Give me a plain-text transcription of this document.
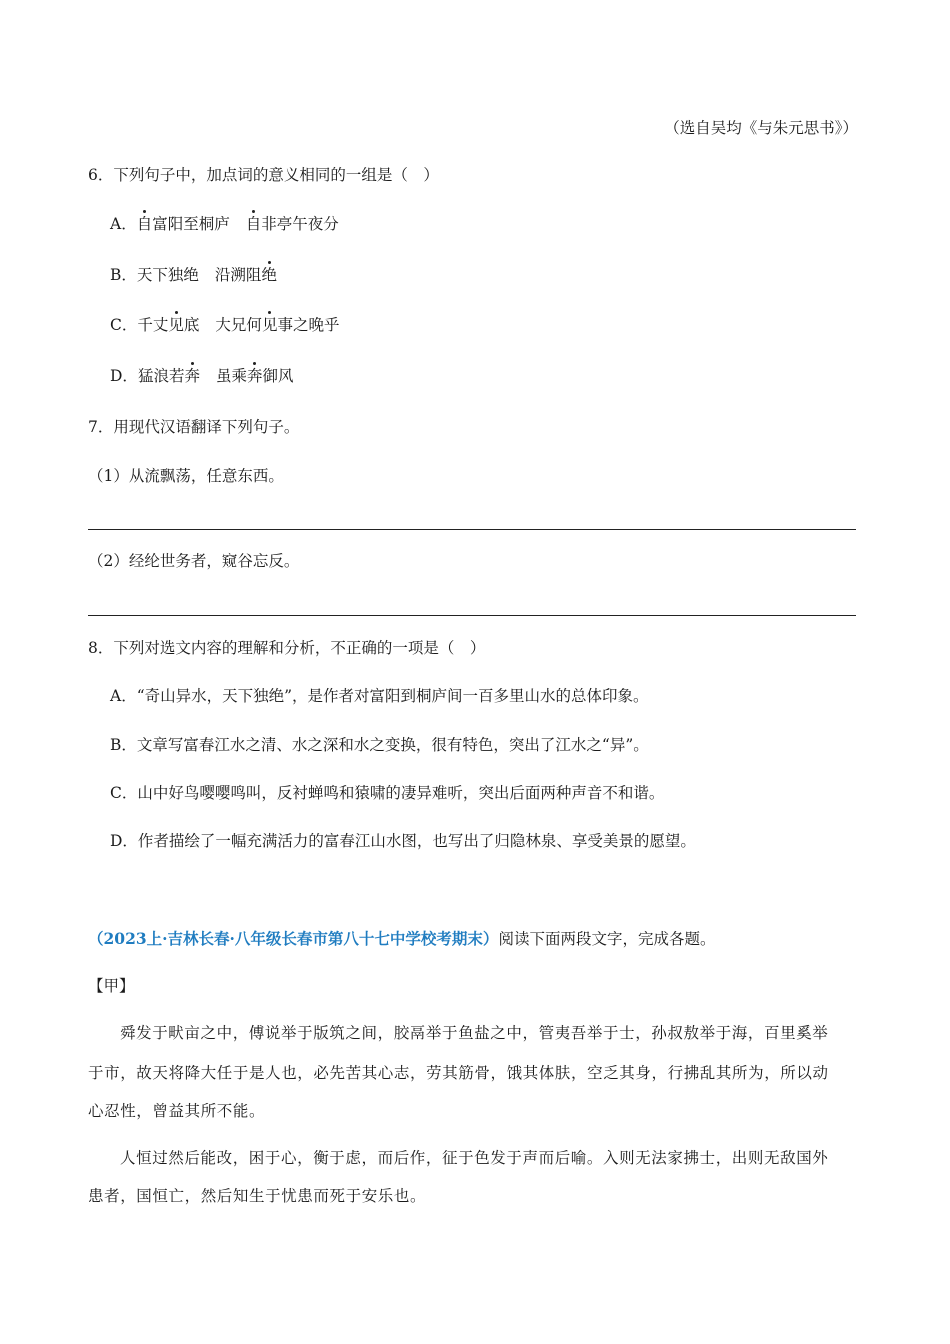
（选自吴均《与朱元思书》）
6．下列句子中，加点词的意义相同的一组是（　）
A．自富阳至桐庐 自非亭午夜分
B．天下独绝 沿溯阻绝
C．千丈见底 大兄何见事之晚乎
D．猛浪若奔 虽乘奔御风
7．用现代汉语翻译下列句子。
（1）从流飘荡，任意东西。
（2）经纶世务者，窥谷忘反。
8．下列对选文内容的理解和分析，不正确的一项是（　）
A．“奇山异水，天下独绝”，是作者对富阳到桐庐间一百多里山水的总体印象。
B．文章写富春江水之清、水之深和水之变换，很有特色，突出了江水之“异”。
C．山中好鸟嘤嘤鸣叫，反衬蝉鸣和猿啸的凄异难听，突出后面两种声音不和谐。
D．作者描绘了一幅充满活力的富春江山水图，也写出了归隐林泉、享受美景的愿望。
（2023上·吉林长春·八年级长春市第八十七中学校考期末）阅读下面两段文字，完成各题。
【甲】
舜发于畎亩之中，傅说举于版筑之间，胶鬲举于鱼盐之中，管夷吾举于士，孙叔敖举于海，百里奚举
于市，故天将降大任于是人也，必先苦其心志，劳其筋骨，饿其体肤，空乏其身，行拂乱其所为，所以动
心忍性，曾益其所不能。
人恒过然后能改，困于心，衡于虑，而后作，征于色发于声而后喻。入则无法家拂士，出则无敌国外
患者，国恒亡，然后知生于忧患而死于安乐也。
